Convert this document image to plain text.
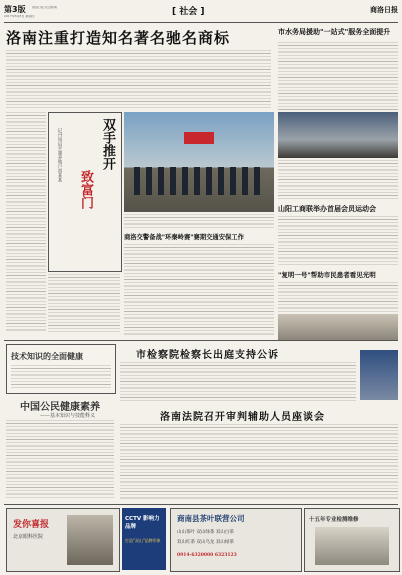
第3版 商洛日报 社会新闻
2017年6月8日 星期四	[ 社会 ]	商洛日报
洛南注重打造知名著名驰名商标	市水务局援助"一站式"服务全面提升
山阳工商联举办首届会员运动会
"复明一号"帮助市民患者看见光明
双手推开
致富门
记丹凤县平湖养殖户胡某某
商洛交警备战"环秦岭赛"赛期交通安保工作
技术知识的全面健康	市检察院检察长出庭支持公诉
中国公民健康素养
——基本知识与技能释义	洛南法院召开审判辅助人员座谈会
发你喜报
北京眼科医院
CCTV 影响力品牌
打造"双山"品牌形象
商南县茶叶联营公司
山山茶叶 双山绿茶 双山白茶
双山红茶 双山乌龙 双山绿茶
0914-6320000 6323123
十五年专业检测维修
